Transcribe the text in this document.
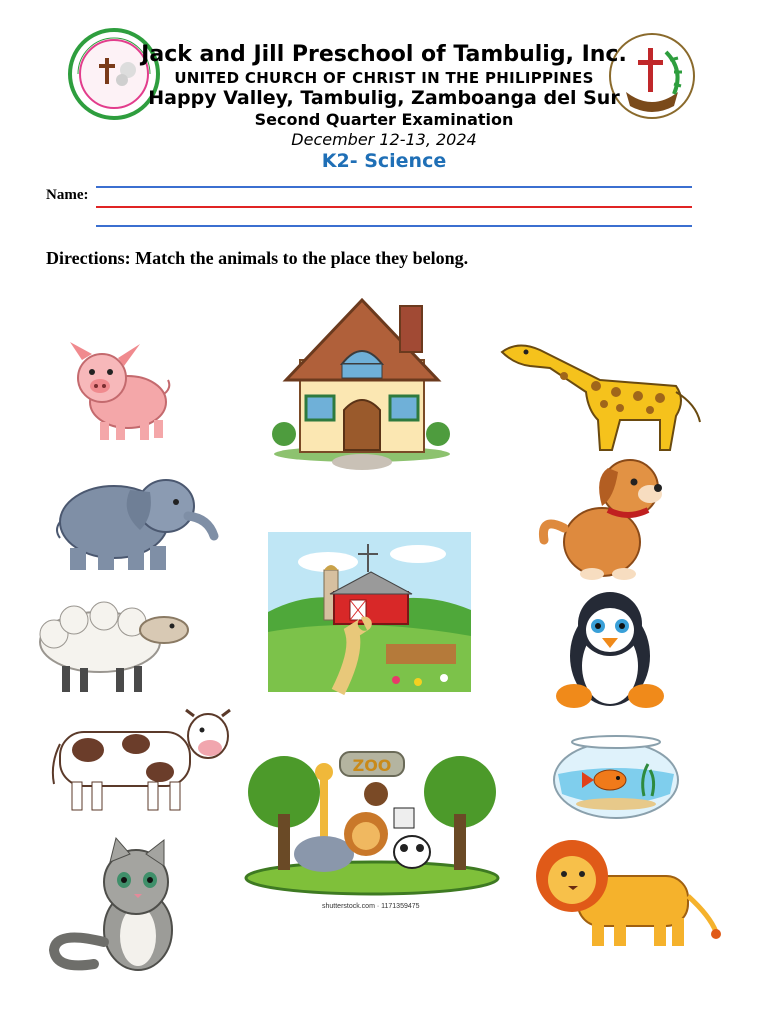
Jack and Jill Preschool of Tambulig, Inc.
UNITED CHURCH OF CHRIST IN THE PHILIPPINES
Happy Valley, Tambulig, Zamboanga del Sur
Second Quarter Examination
December 12-13, 2024
K2- Science
Name:
Directions: Match the animals to the place they belong.
ZOO
shutterstock.com · 1171359475
